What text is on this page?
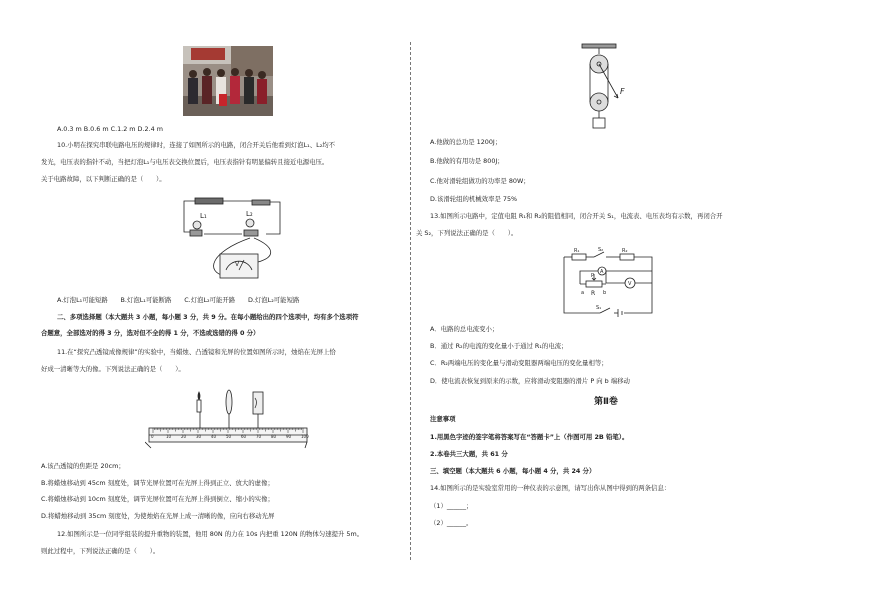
A.0.3 m B.0.6 m C.1.2 m D.2.4 m
10.小明在探究串联电路电压的规律时，连接了如图所示的电路，闭合开关后他看到灯泡L₁、L₂均不
发光，电压表的指针不动，当把灯泡L₁与电压表交换位置后，电压表指针有明显偏转且接近电源电压。
关于电路故障，以下判断正确的是（　　）。
L₁	L₂
V
A.灯泡L₁可能短路　　B.灯泡L₁可能断路　　C.灯泡L₂可能开路　　D.灯泡L₂可能短路
二、多项选择题（本大题共 3 小题，每小题 3 分，共 9 分。在每小题给出的四个选项中，均有多个选项符
合题意，全部选对的得 3 分，选对但不全的得 1 分，不选或选错的得 0 分）
11.在“探究凸透镜成像规律”的实验中，当蜡烛、凸透镜和光屏的位置如图所示时，烛焰在光屏上恰
好成一清晰等大的像。下列说法正确的是（　　）。
0	10 20 30 40 50 60 70 80 90 100
A.该凸透镜的焦距是 20cm；
B.将蜡烛移动到 45cm 刻度处，调节光屏位置可在光屏上得到正立、放大的虚像；
C.将蜡烛移动到 10cm 刻度处，调节光屏位置可在光屏上得到倒立、缩小的实像；
D.将蜡烛移动到 35cm 刻度处，为使烛焰在光屏上成一清晰的像，应向右移动光屏
12.如图所示是一位同学组装的提升重物的装置，他用 80N 的力在 10s 内把重 120N 的物体匀速提升 5m。
则此过程中，下列说法正确的是（　　）。
F
A.他做的总功是 1200J；
B.他做的有用功是 800J；
C.他对滑轮组做功的功率是 80W；
D.该滑轮组的机械效率是 75%
13.如图所示电路中，定值电阻 R₁和 R₂的阻值相同，闭合开关 S₁，电流表、电压表均有示数，再闭合开
关 S₂，下列说法正确的是（　　）。
R₁	S₂	R₂
A
V
P
a R b
S₁
A．电路的总电流变小；
B．通过 R₂的电流的变化量小于通过 R₁的电流；
C．R₂两端电压的变化量与滑动变阻器两端电压的变化量相等；
D．使电流表恢复到原来的示数，应将滑动变阻器的滑片 P 向 b 端移动
第Ⅱ卷
注意事项
1.用黑色字迹的签字笔将答案写在“答题卡”上（作图可用 2B 铅笔）。
2.本卷共三大题，共 61 分
三、填空题（本大题共 6 小题，每小题 4 分，共 24 分）
14.如图所示的是实验室常用的一种仪表的示意图，请写出你从图中得到的两条信息：
（1）______；
（2）______。
